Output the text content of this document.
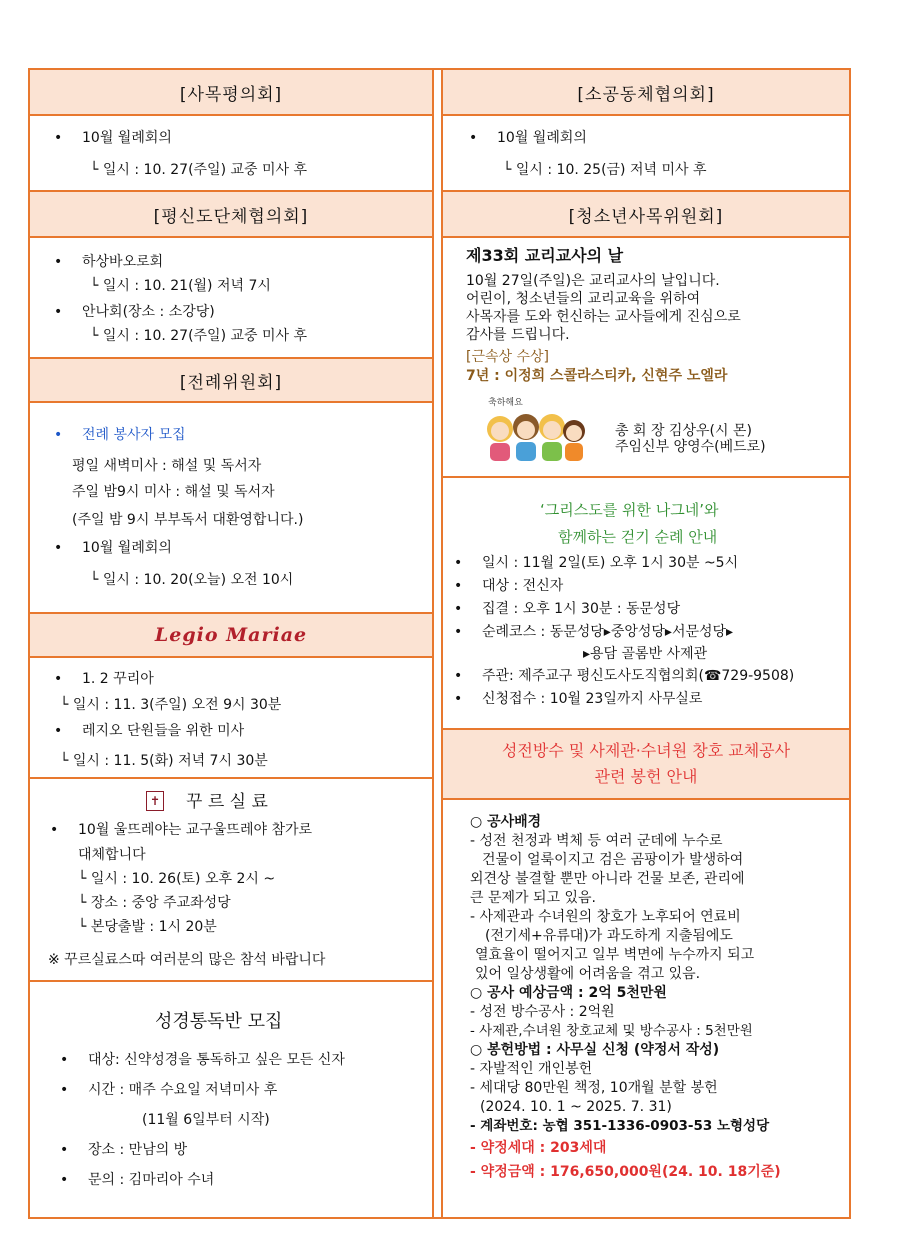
[사목평의회]
• 10월 월례회의
└ 일시 : 10. 27(주일) 교중 미사 후
[평신도단체협의회]
• 하상바오로회
└ 일시 : 10. 21(월) 저녁 7시
• 안나회(장소 : 소강당)
└ 일시 : 10. 27(주일) 교중 미사 후
[전례위원회]
• 전례 봉사자 모집
평일 새벽미사 : 해설 및 독서자
주일 밤9시 미사 : 해설 및 독서자
(주일 밤 9시 부부독서 대환영합니다.)
• 10월 월례회의
└ 일시 : 10. 20(오늘) 오전 10시
Legio Mariae
• 1. 2 꾸리아
└ 일시 : 11. 3(주일) 오전 9시 30분
• 레지오 단원들을 위한 미사
└ 일시 : 11. 5(화) 저녁 7시 30분
✝ 꾸 르 실 료
• 10월 울뜨레야는 교구울뜨레야 참가로
대체합니다
└ 일시 : 10. 26(토) 오후 2시 ~
└ 장소 : 중앙 주교좌성당
└ 본당출발 : 1시 20분
※ 꾸르실료스따 여러분의 많은 참석 바랍니다
성경통독반 모집
• 대상: 신약성경을 통독하고 싶은 모든 신자
• 시간 : 매주 수요일 저녁미사 후
(11월 6일부터 시작)
• 장소 : 만남의 방
• 문의 : 김마리아 수녀
[소공동체협의회]
• 10월 월례회의
└ 일시 : 10. 25(금) 저녁 미사 후
[청소년사목위원회]
제33회 교리교사의 날
10월 27일(주일)은 교리교사의 날입니다.
어린이, 청소년들의 교리교육을 위하여
사목자를 도와 헌신하는 교사들에게 진심으로
감사를 드립니다.
[근속상 수상]
7년 : 이정희 스콜라스티카, 신현주 노엘라
축하해요
총 회 장 김상우(시 몬)
주임신부 양영수(베드로)
‘그리스도를 위한 나그네’와
함께하는 걷기 순례 안내
• 일시 : 11월 2일(토) 오후 1시 30분 ~5시
• 대상 : 전신자
• 집결 : 오후 1시 30분 : 동문성당
• 순례코스 : 동문성당▸중앙성당▸서문성당▸
▸용담 골롬반 사제관
• 주관: 제주교구 평신도사도직협의회(☎729-9508)
• 신청접수 : 10월 23일까지 사무실로
성전방수 및 사제관·수녀원 창호 교체공사
관련 봉헌 안내
○ 공사배경
- 성전 천정과 벽체 등 여러 군데에 누수로
건물이 얼룩이지고 검은 곰팡이가 발생하여
외견상 불결할 뿐만 아니라 건물 보존, 관리에
큰 문제가 되고 있음.
- 사제관과 수녀원의 창호가 노후되어 연료비
(전기세+유류대)가 과도하게 지출됨에도
열효율이 떨어지고 일부 벽면에 누수까지 되고
있어 일상생활에 어려움을 겪고 있음.
○ 공사 예상금액 : 2억 5천만원
- 성전 방수공사 : 2억원
- 사제관,수녀원 창호교체 및 방수공사 : 5천만원
○ 봉헌방법 : 사무실 신청 (약정서 작성)
- 자발적인 개인봉헌
- 세대당 80만원 책정, 10개월 분할 봉헌
(2024. 10. 1 ~ 2025. 7. 31)
- 계좌번호: 농협 351-1336-0903-53 노형성당
- 약정세대 : 203세대
- 약정금액 : 176,650,000원(24. 10. 18기준)
